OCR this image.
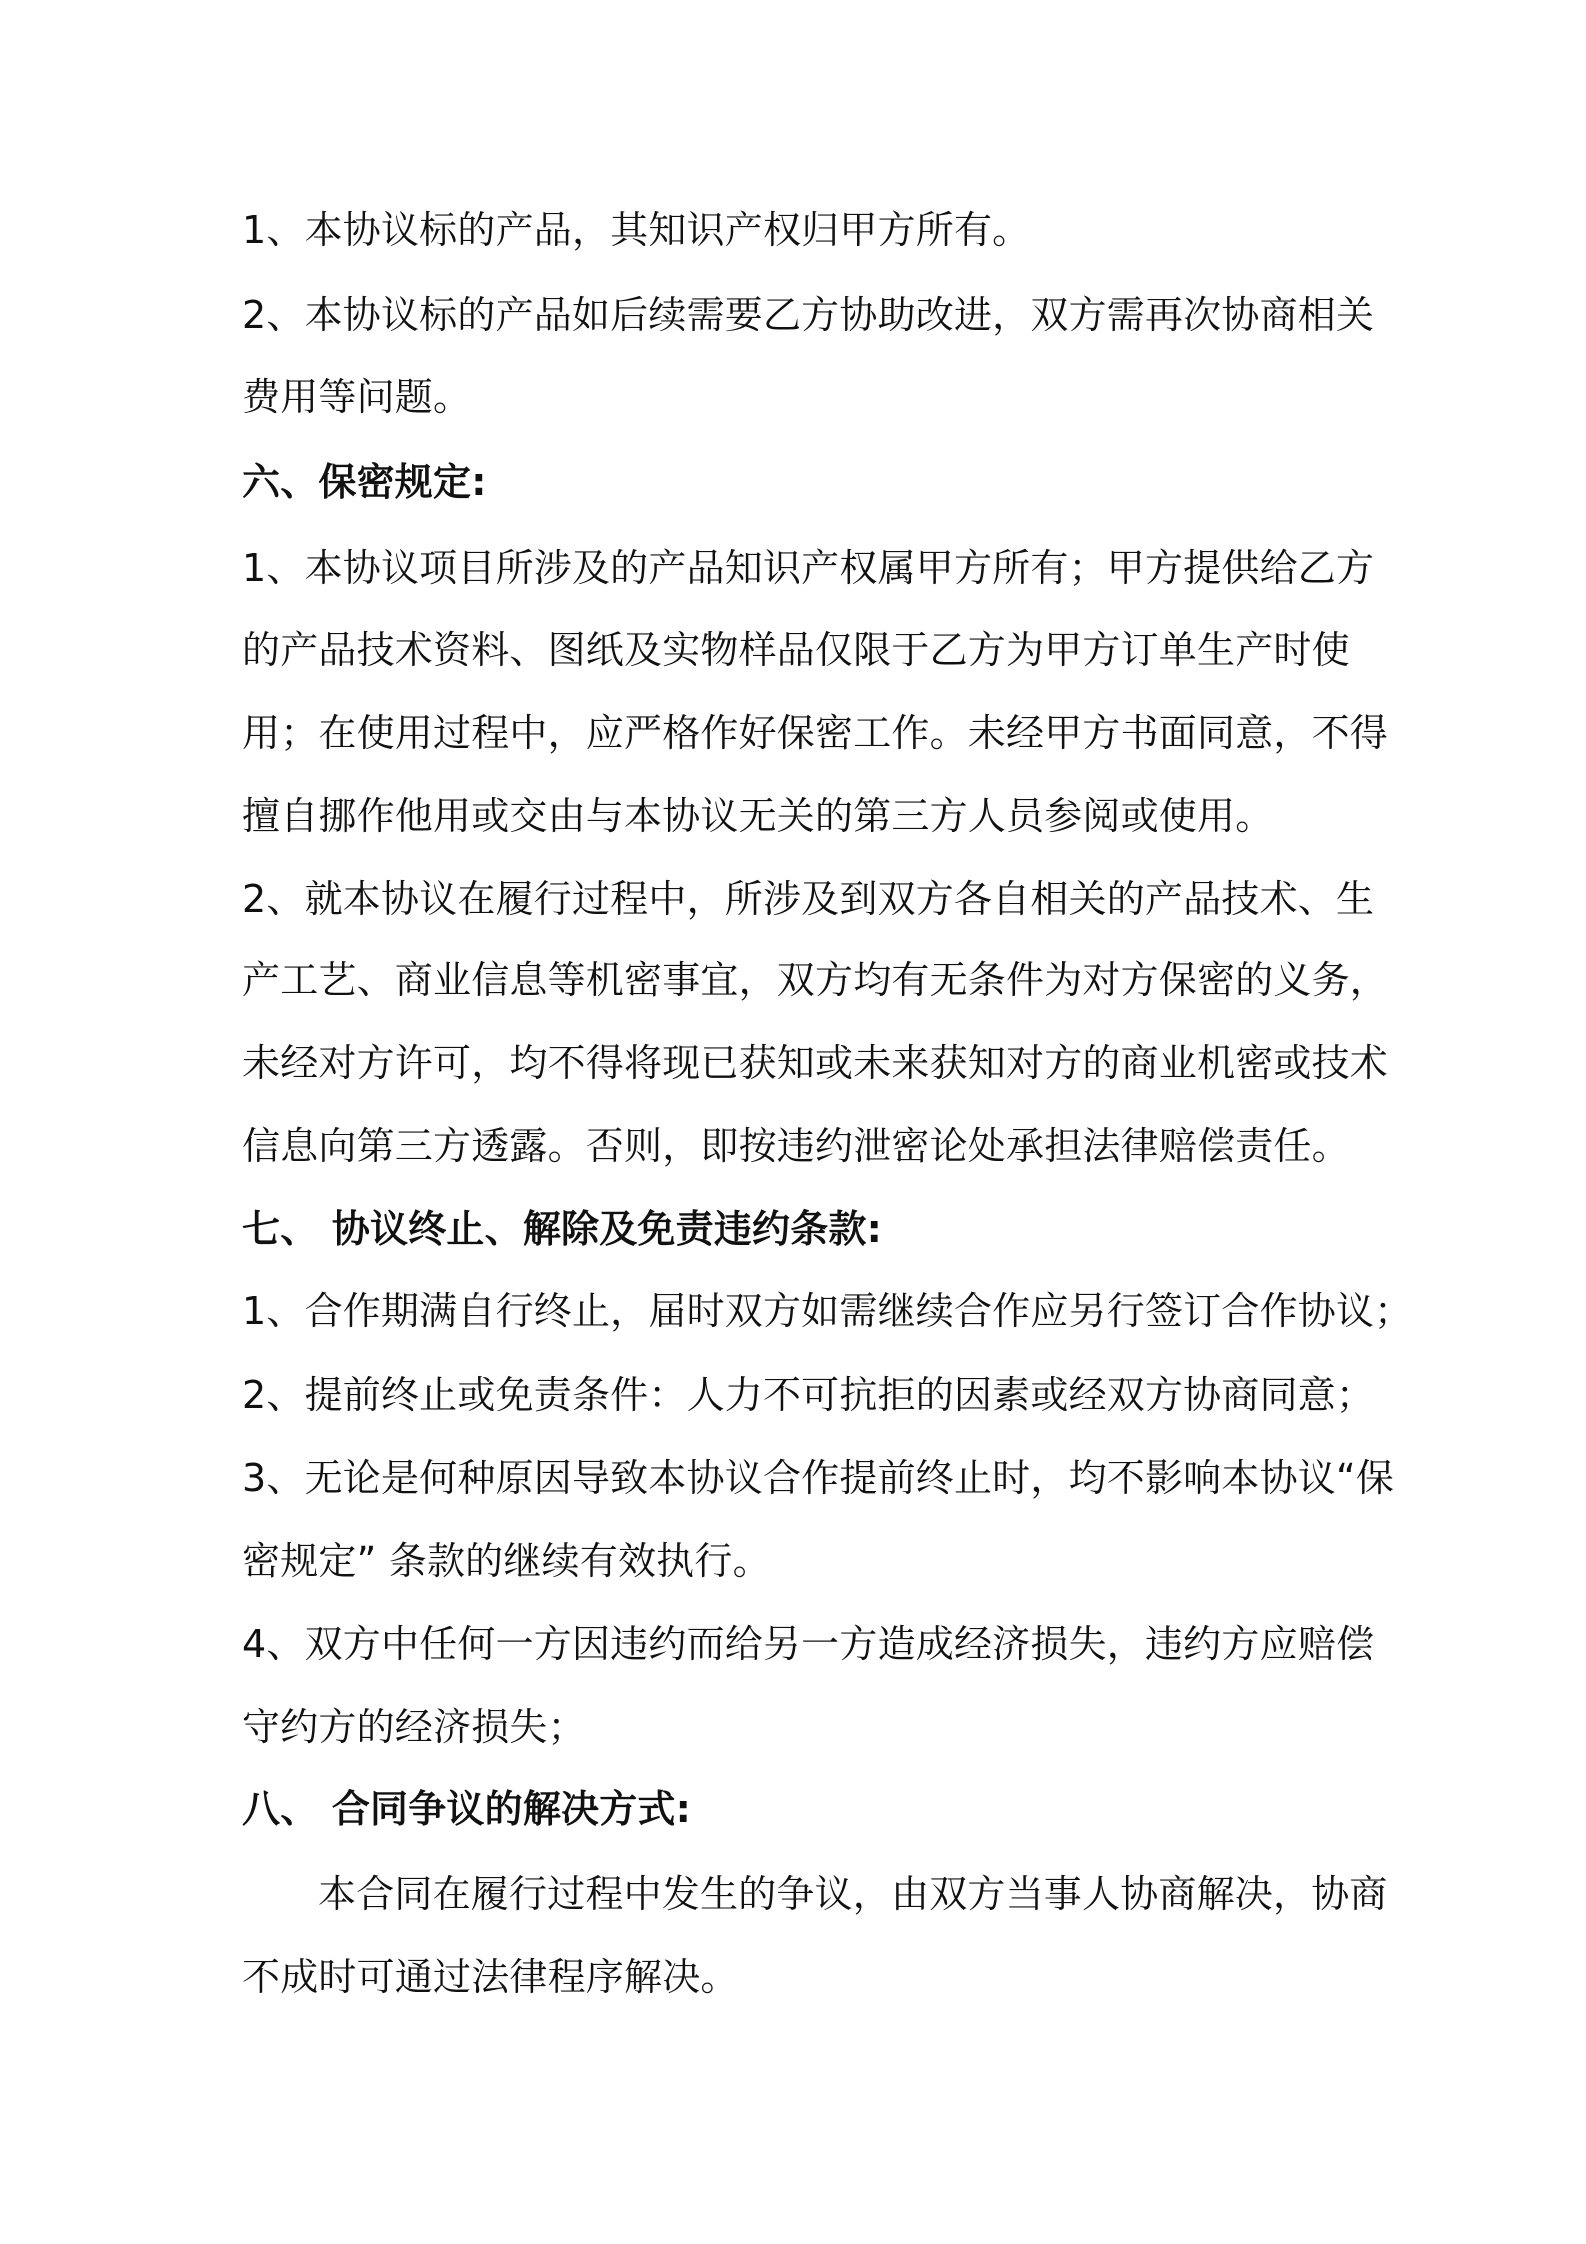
1、本协议标的产品，其知识产权归甲方所有。
2、本协议标的产品如后续需要乙方协助改进，双方需再次协商相关
费用等问题。
六、保密规定:
1、本协议项目所涉及的产品知识产权属甲方所有；甲方提供给乙方
的产品技术资料、图纸及实物样品仅限于乙方为甲方订单生产时使
用；在使用过程中，应严格作好保密工作。未经甲方书面同意，不得
擅自挪作他用或交由与本协议无关的第三方人员参阅或使用。
2、就本协议在履行过程中，所涉及到双方各自相关的产品技术、生
产工艺、商业信息等机密事宜，双方均有无条件为对方保密的义务，
未经对方许可，均不得将现已获知或未来获知对方的商业机密或技术
信息向第三方透露。否则，即按违约泄密论处承担法律赔偿责任。
七、 协议终止、解除及免责违约条款:
1、合作期满自行终止，届时双方如需继续合作应另行签订合作协议；
2、提前终止或免责条件：人力不可抗拒的因素或经双方协商同意；
3、无论是何种原因导致本协议合作提前终止时，均不影响本协议“保
密规定” 条款的继续有效执行。
4、双方中任何一方因违约而给另一方造成经济损失，违约方应赔偿
守约方的经济损失；
八、 合同争议的解决方式:
本合同在履行过程中发生的争议，由双方当事人协商解决，协商
不成时可通过法律程序解决。
